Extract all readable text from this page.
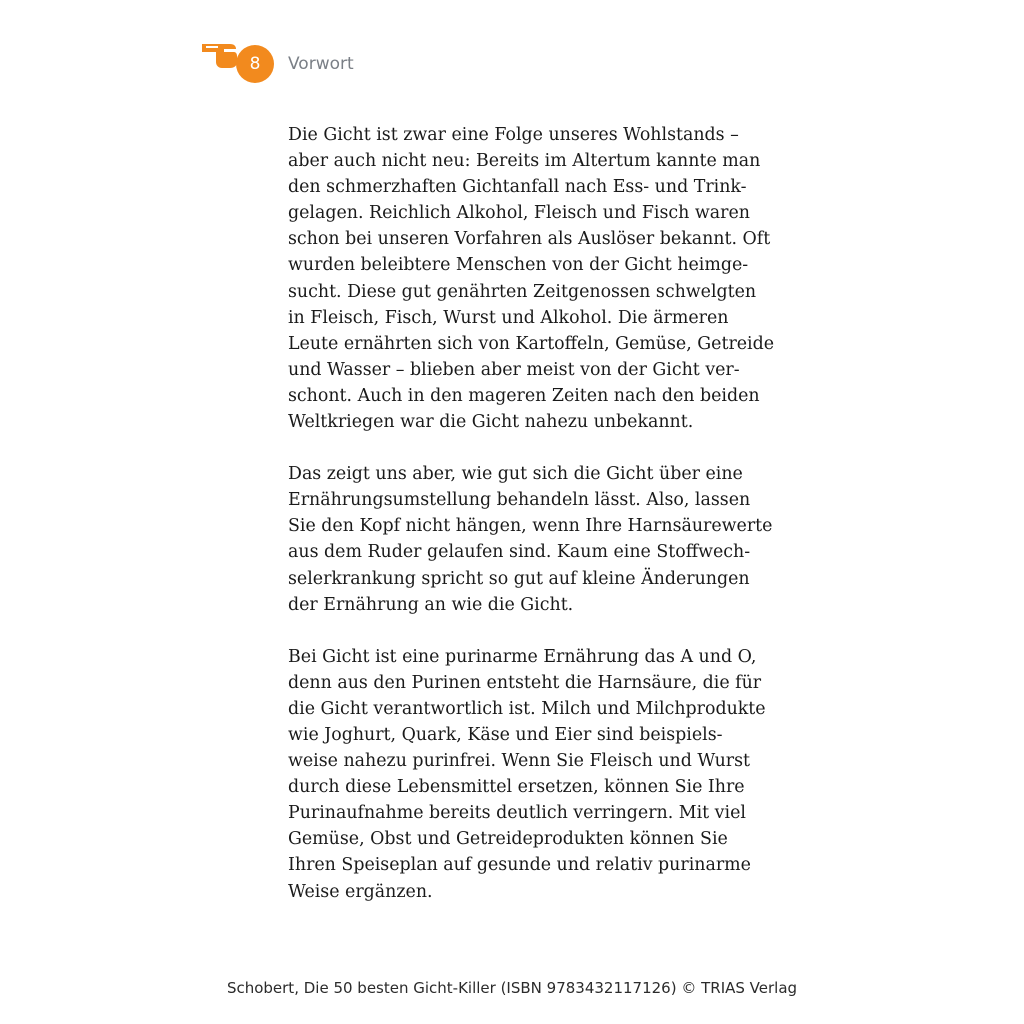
8	Vorwort

Die Gicht ist zwar eine Folge unseres Wohlstands –
aber auch nicht neu: Bereits im Altertum kannte man
den schmerzhaften Gichtanfall nach Ess- und Trink-
gelagen. Reichlich Alkohol, Fleisch und Fisch waren
schon bei unseren Vorfahren als Auslöser bekannt. Oft
wurden beleibtere Menschen von der Gicht heimge-
sucht. Diese gut genährten Zeitgenossen schwelgten
in Fleisch, Fisch, Wurst und Alkohol. Die ärmeren
Leute ernährten sich von Kartoffeln, Gemüse, Getreide
und Wasser – blieben aber meist von der Gicht ver-
schont. Auch in den mageren Zeiten nach den beiden
Weltkriegen war die Gicht nahezu unbekannt.

Das zeigt uns aber, wie gut sich die Gicht über eine
Ernährungsumstellung behandeln lässt. Also, lassen
Sie den Kopf nicht hängen, wenn Ihre Harnsäurewerte
aus dem Ruder gelaufen sind. Kaum eine Stoffwech-
selerkrankung spricht so gut auf kleine Änderungen
der Ernährung an wie die Gicht.

Bei Gicht ist eine purinarme Ernährung das A und O,
denn aus den Purinen entsteht die Harnsäure, die für
die Gicht verantwortlich ist. Milch und Milchprodukte
wie Joghurt, Quark, Käse und Eier sind beispiels-
weise nahezu purinfrei. Wenn Sie Fleisch und Wurst
durch diese Lebensmittel ersetzen, können Sie Ihre
Purinaufnahme bereits deutlich verringern. Mit viel
Gemüse, Obst und Getreideprodukten können Sie
Ihren Speiseplan auf gesunde und relativ purinarme
Weise ergänzen.

Schobert, Die 50 besten Gicht-Killer (ISBN 9783432117126) © TRIAS Verlag
